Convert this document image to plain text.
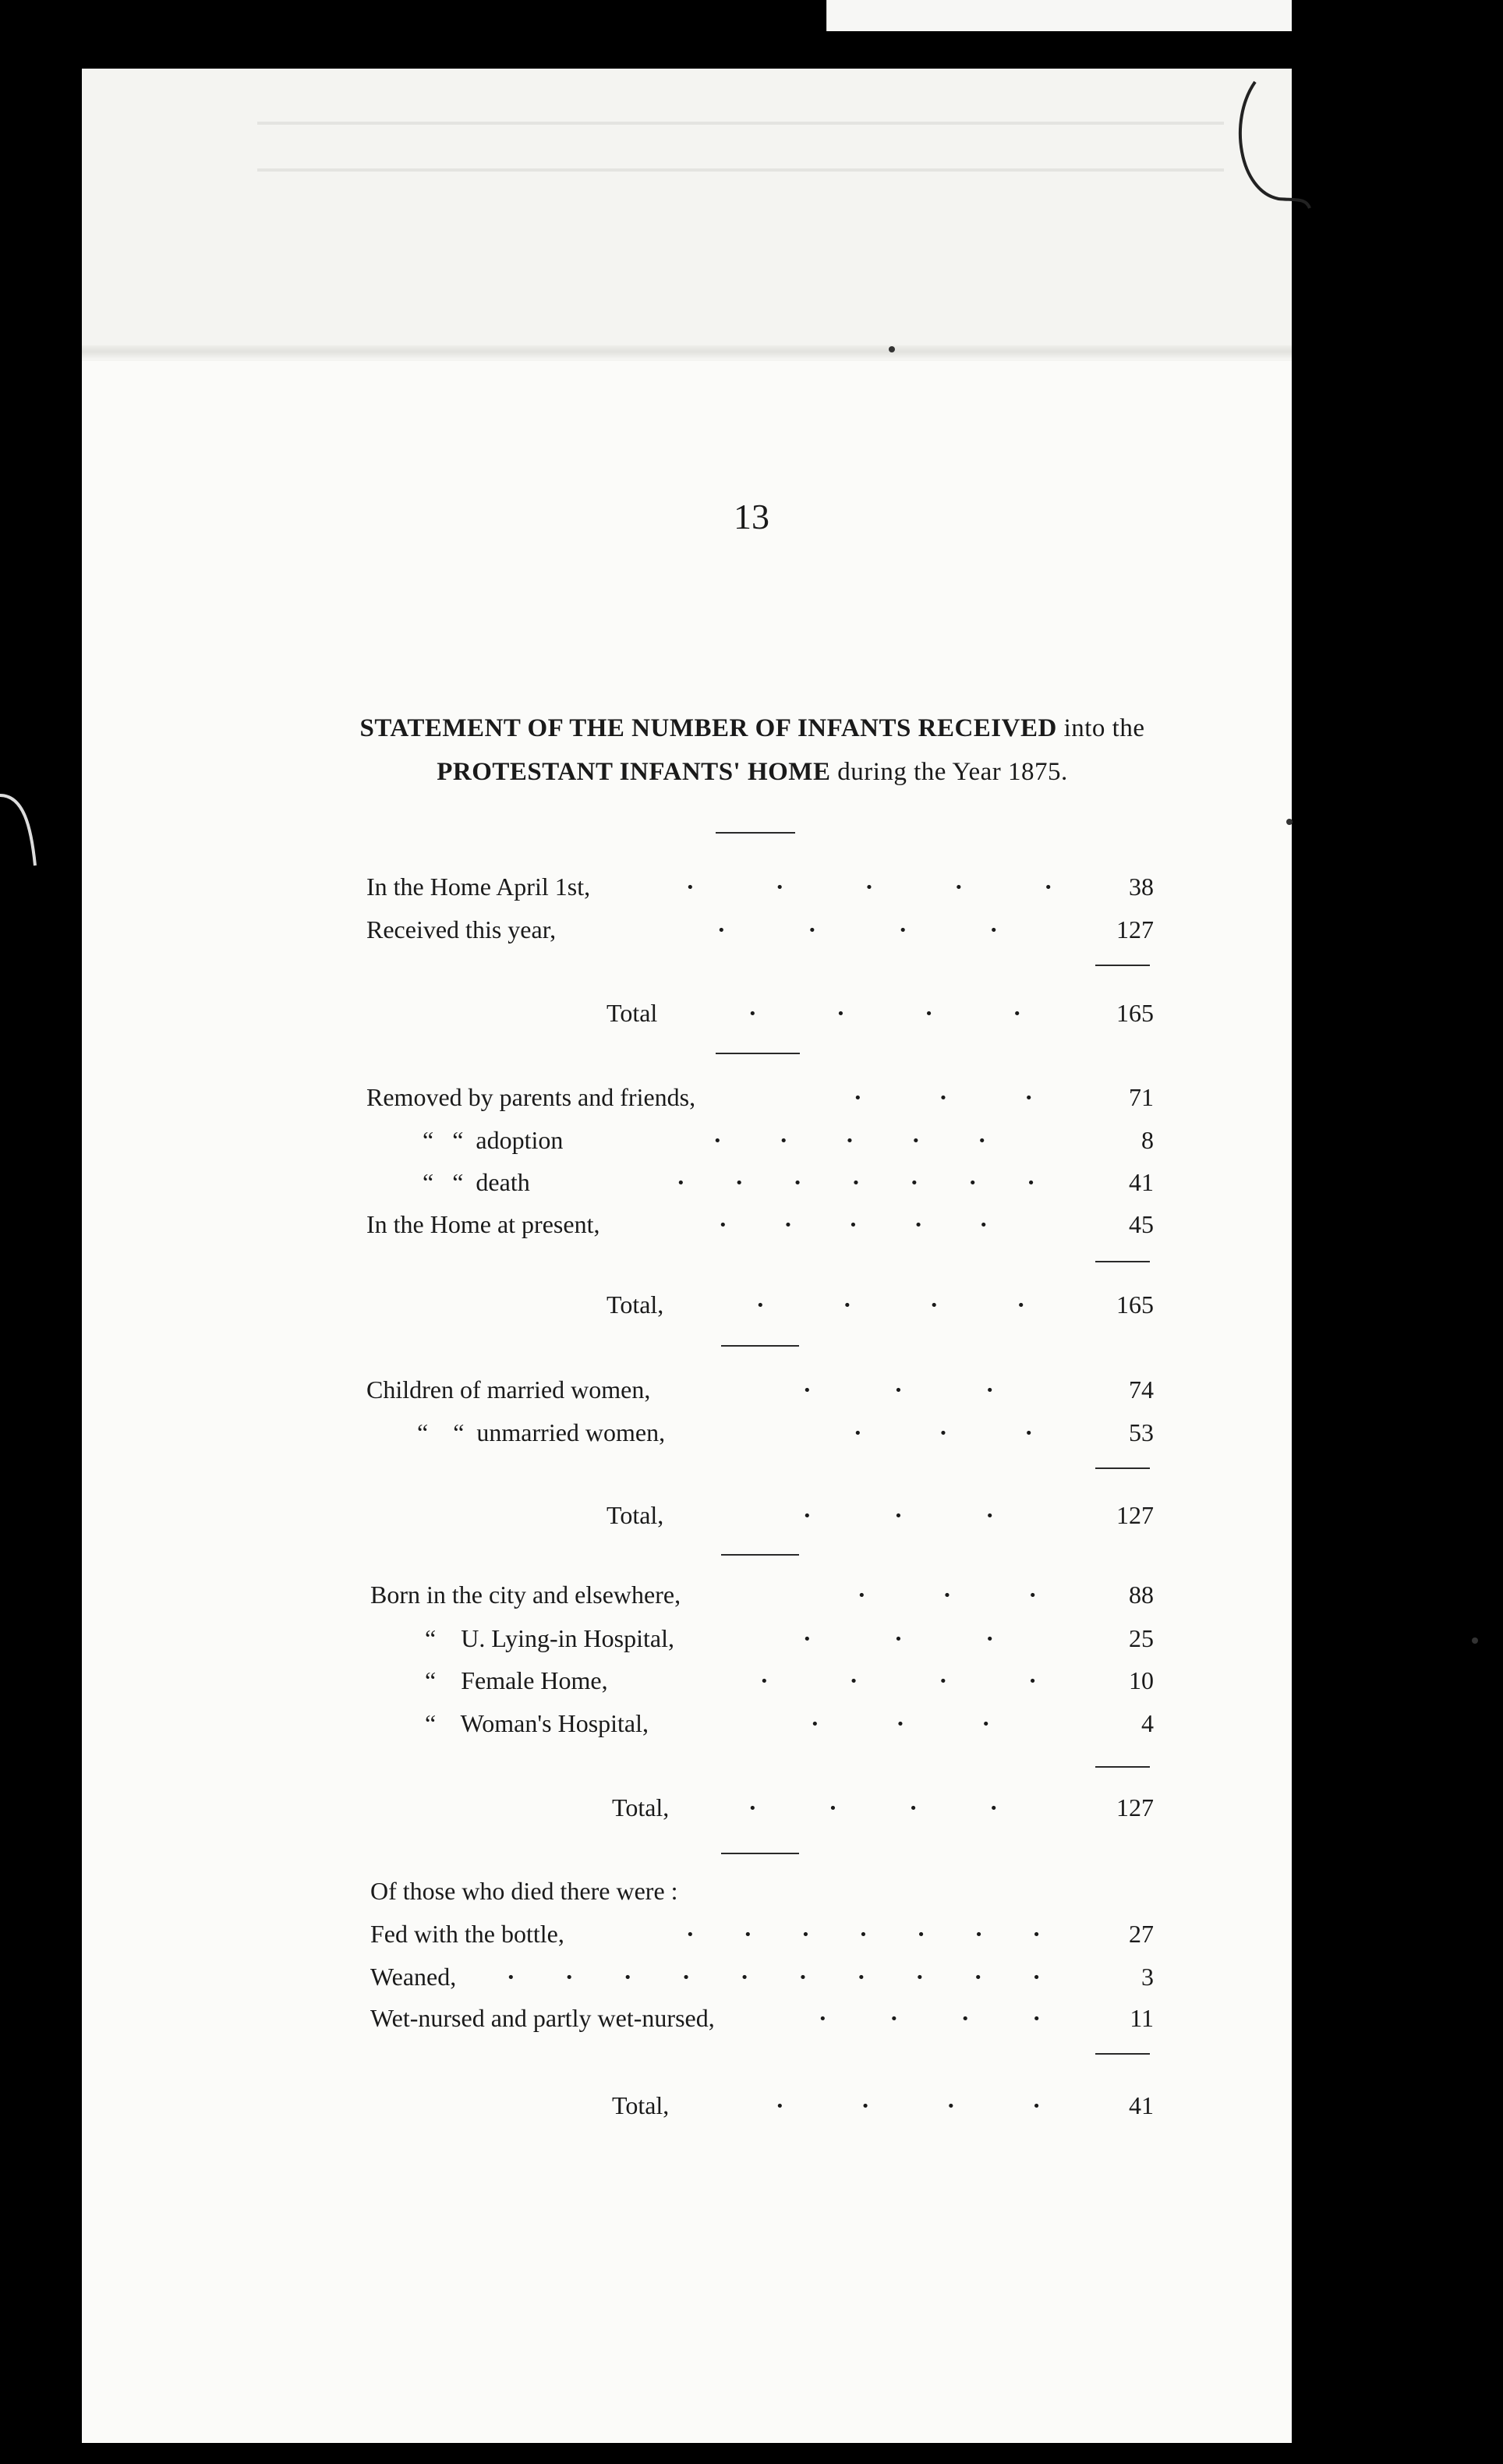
13
STATEMENT OF THE NUMBER OF INFANTS RECEIVED into the
PROTESTANT INFANTS' HOME during the Year 1875.
In the Home April 1st,	·	·	·	·	·	38
Received this year,	·	·	·	·	127
Total	·	·	·	·	165
Removed by parents and friends,	·	·	·	71
“   “  adoption	· · · · ·	8
“   “  death	· · · · · · ·	41
In the Home at present,	· · · · ·	45
Total,	·	·	·	·	165
Children of married women,	·	·	·	74
“    “  unmarried women,	·	·	·	53
Total,	·	·	·	127
Born in the city and elsewhere,	·	·	·	88
“    U. Lying-in Hospital,	·	·	·	25
“    Female Home,	·	·	·	·	10
“    Woman's Hospital,	·	·	·	4
Total,	·	·	·	·	127
Of those who died there were :
Fed with the bottle,	· · · · · · ·	27
Weaned, · · · · · · · · · ·	3
Wet-nursed and partly wet-nursed,	·	·	·	·	11
Total,	·	·	·	·	41
